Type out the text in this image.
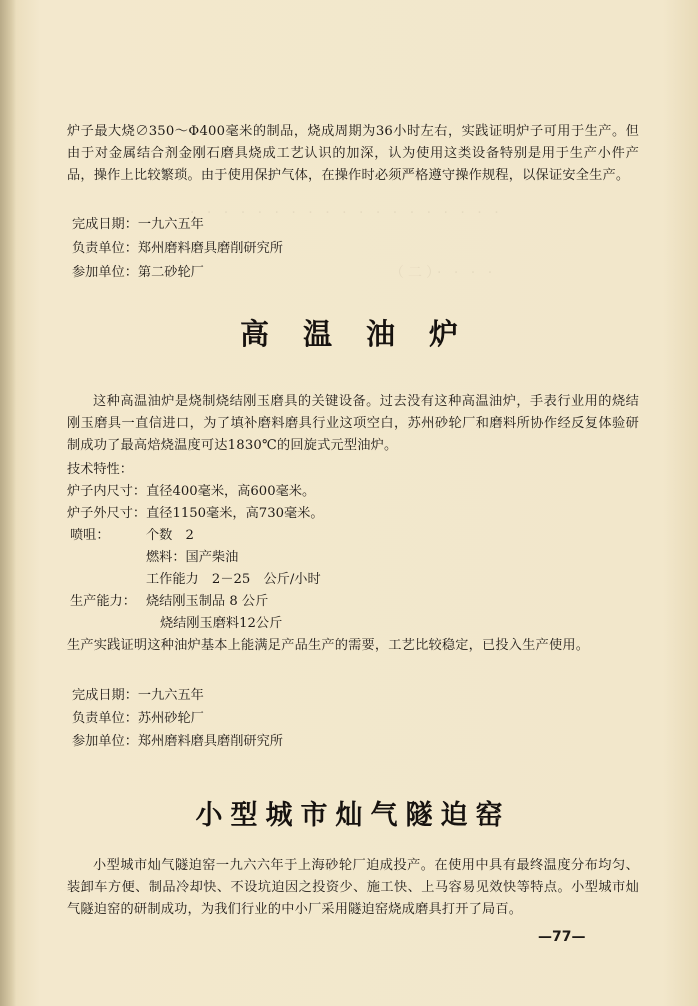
· · · · · · · · · · · · · · · · · · ·
（二）· · · ·

炉子最大烧∅350～Φ400毫米的制品，烧成周期为36小时左右，实践证明炉子可用于生产。但由于对金属结合剂金刚石磨具烧成工艺认识的加深，认为使用这类设备特别是用于生产小件产品，操作上比较繁琐。由于使用保护气体，在操作时必须严格遵守操作规程，以保证安全生产。

完成日期：一九六五年

负责单位：郑州磨料磨具磨削研究所

参加单位：第二砂轮厂

高温油炉

这种高温油炉是烧制烧结刚玉磨具的关键设备。过去没有这种高温油炉，手表行业用的烧结刚玉磨具一直信进口，为了填补磨料磨具行业这项空白，苏州砂轮厂和磨料所协作经反复体验研制成功了最高焙烧温度可达1830℃的回旋式元型油炉。

技术特性：

炉子内尺寸：直径400毫米，高600毫米。

炉子外尺寸：直径1150毫米，高730毫米。

喷咀：	个数　2
燃料：国产柴油
工作能力　2－25　公斤/小时
生产能力： 烧结刚玉制品 8 公斤
烧结刚玉磨料12公斤

生产实践证明这种油炉基本上能满足产品生产的需要，工艺比较稳定，已投入生产使用。

完成日期：一九六五年

负责单位：苏州砂轮厂

参加单位：郑州磨料磨具磨削研究所

小型城市灿气隧迫窑

小型城市灿气隧迫窑一九六六年于上海砂轮厂迫成投产。在使用中具有最终温度分布均匀、装卸车方便、制品冷却快、不设坑迫因之投资少、施工快、上马容易见效快等特点。小型城市灿气隧迫窑的研制成功，为我们行业的中小厂采用隧迫窑烧成磨具打开了局百。

—77—
